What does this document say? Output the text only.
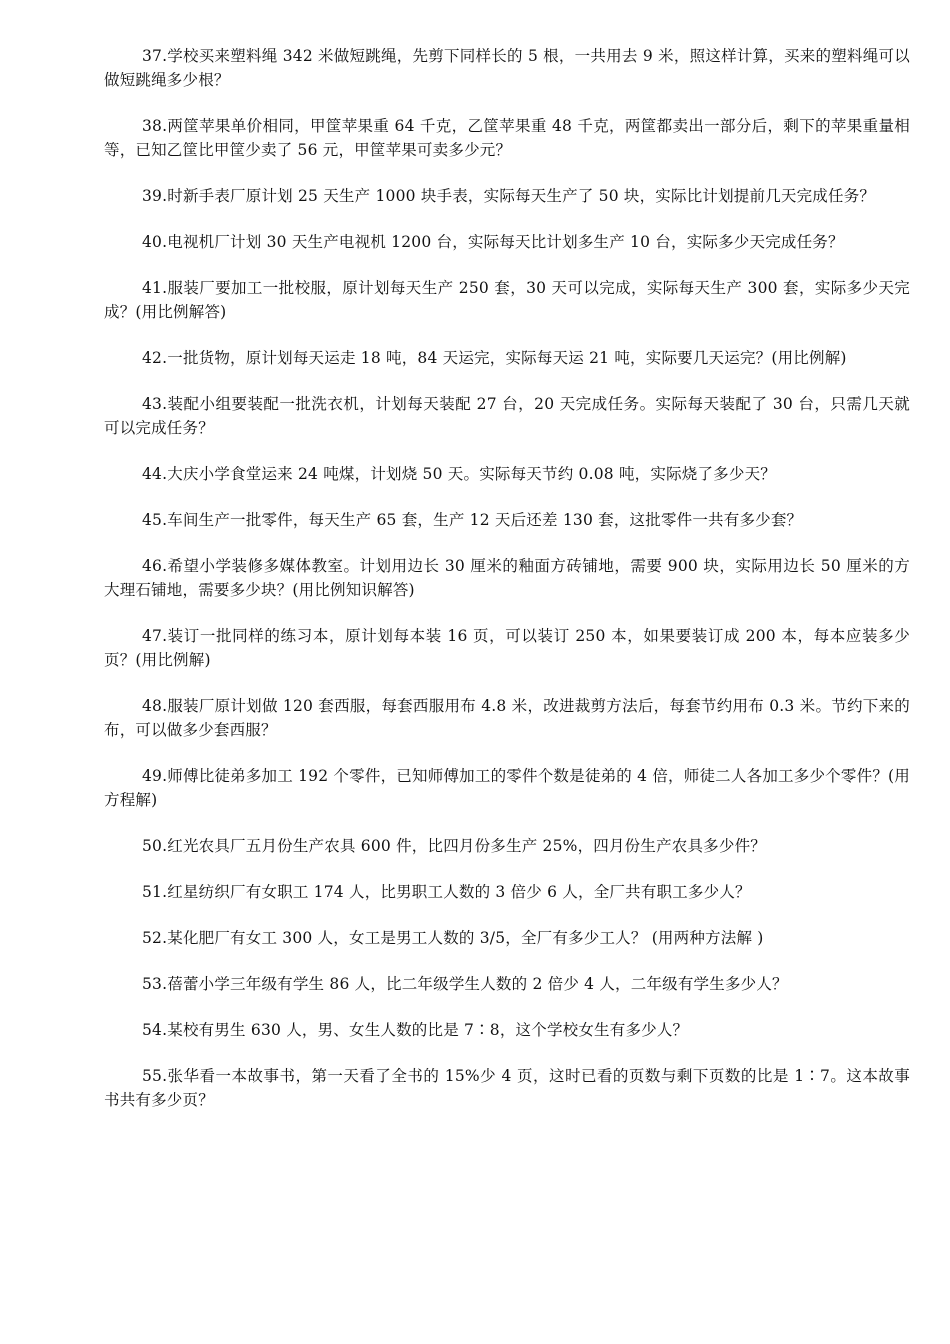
37.学校买来塑料绳 342 米做短跳绳，先剪下同样长的 5 根，一共用去 9 米，照这样计算，买来的塑料绳可以做短跳绳多少根？

38.两筐苹果单价相同，甲筐苹果重 64 千克，乙筐苹果重 48 千克，两筐都卖出一部分后，剩下的苹果重量相等，已知乙筐比甲筐少卖了 56 元，甲筐苹果可卖多少元？

39.时新手表厂原计划 25 天生产 1000 块手表，实际每天生产了 50 块，实际比计划提前几天完成任务？

40.电视机厂计划 30 天生产电视机 1200 台，实际每天比计划多生产 10 台，实际多少天完成任务？

41.服装厂要加工一批校服，原计划每天生产 250 套，30 天可以完成，实际每天生产 300 套，实际多少天完成？(用比例解答)

42.一批货物，原计划每天运走 18 吨，84 天运完，实际每天运 21 吨，实际要几天运完？(用比例解)

43.装配小组要装配一批洗衣机，计划每天装配 27 台，20 天完成任务。实际每天装配了 30 台，只需几天就可以完成任务？

44.大庆小学食堂运来 24 吨煤，计划烧 50 天。实际每天节约 0.08 吨，实际烧了多少天？

45.车间生产一批零件，每天生产 65 套，生产 12 天后还差 130 套，这批零件一共有多少套？

46.希望小学装修多媒体教室。计划用边长 30 厘米的釉面方砖铺地，需要 900 块，实际用边长 50 厘米的方大理石铺地，需要多少块？(用比例知识解答)

47.装订一批同样的练习本，原计划每本装 16 页，可以装订 250 本，如果要装订成 200 本，每本应装多少页？(用比例解)

48.服装厂原计划做 120 套西服，每套西服用布 4.8 米，改进裁剪方法后，每套节约用布 0.3 米。节约下来的布，可以做多少套西服？

49.师傅比徒弟多加工 192 个零件，已知师傅加工的零件个数是徒弟的 4 倍，师徒二人各加工多少个零件？(用方程解)

50.红光农具厂五月份生产农具 600 件，比四月份多生产 25%，四月份生产农具多少件？

51.红星纺织厂有女职工 174 人，比男职工人数的 3 倍少 6 人，全厂共有职工多少人？

52.某化肥厂有女工 300 人，女工是男工人数的 3/5，全厂有多少工人？ (用两种方法解 )

53.蓓蕾小学三年级有学生 86 人，比二年级学生人数的 2 倍少 4 人，二年级有学生多少人？

54.某校有男生 630 人，男、女生人数的比是 7∶8，这个学校女生有多少人？

55.张华看一本故事书，第一天看了全书的 15%少 4 页，这时已看的页数与剩下页数的比是 1∶7。这本故事书共有多少页？
